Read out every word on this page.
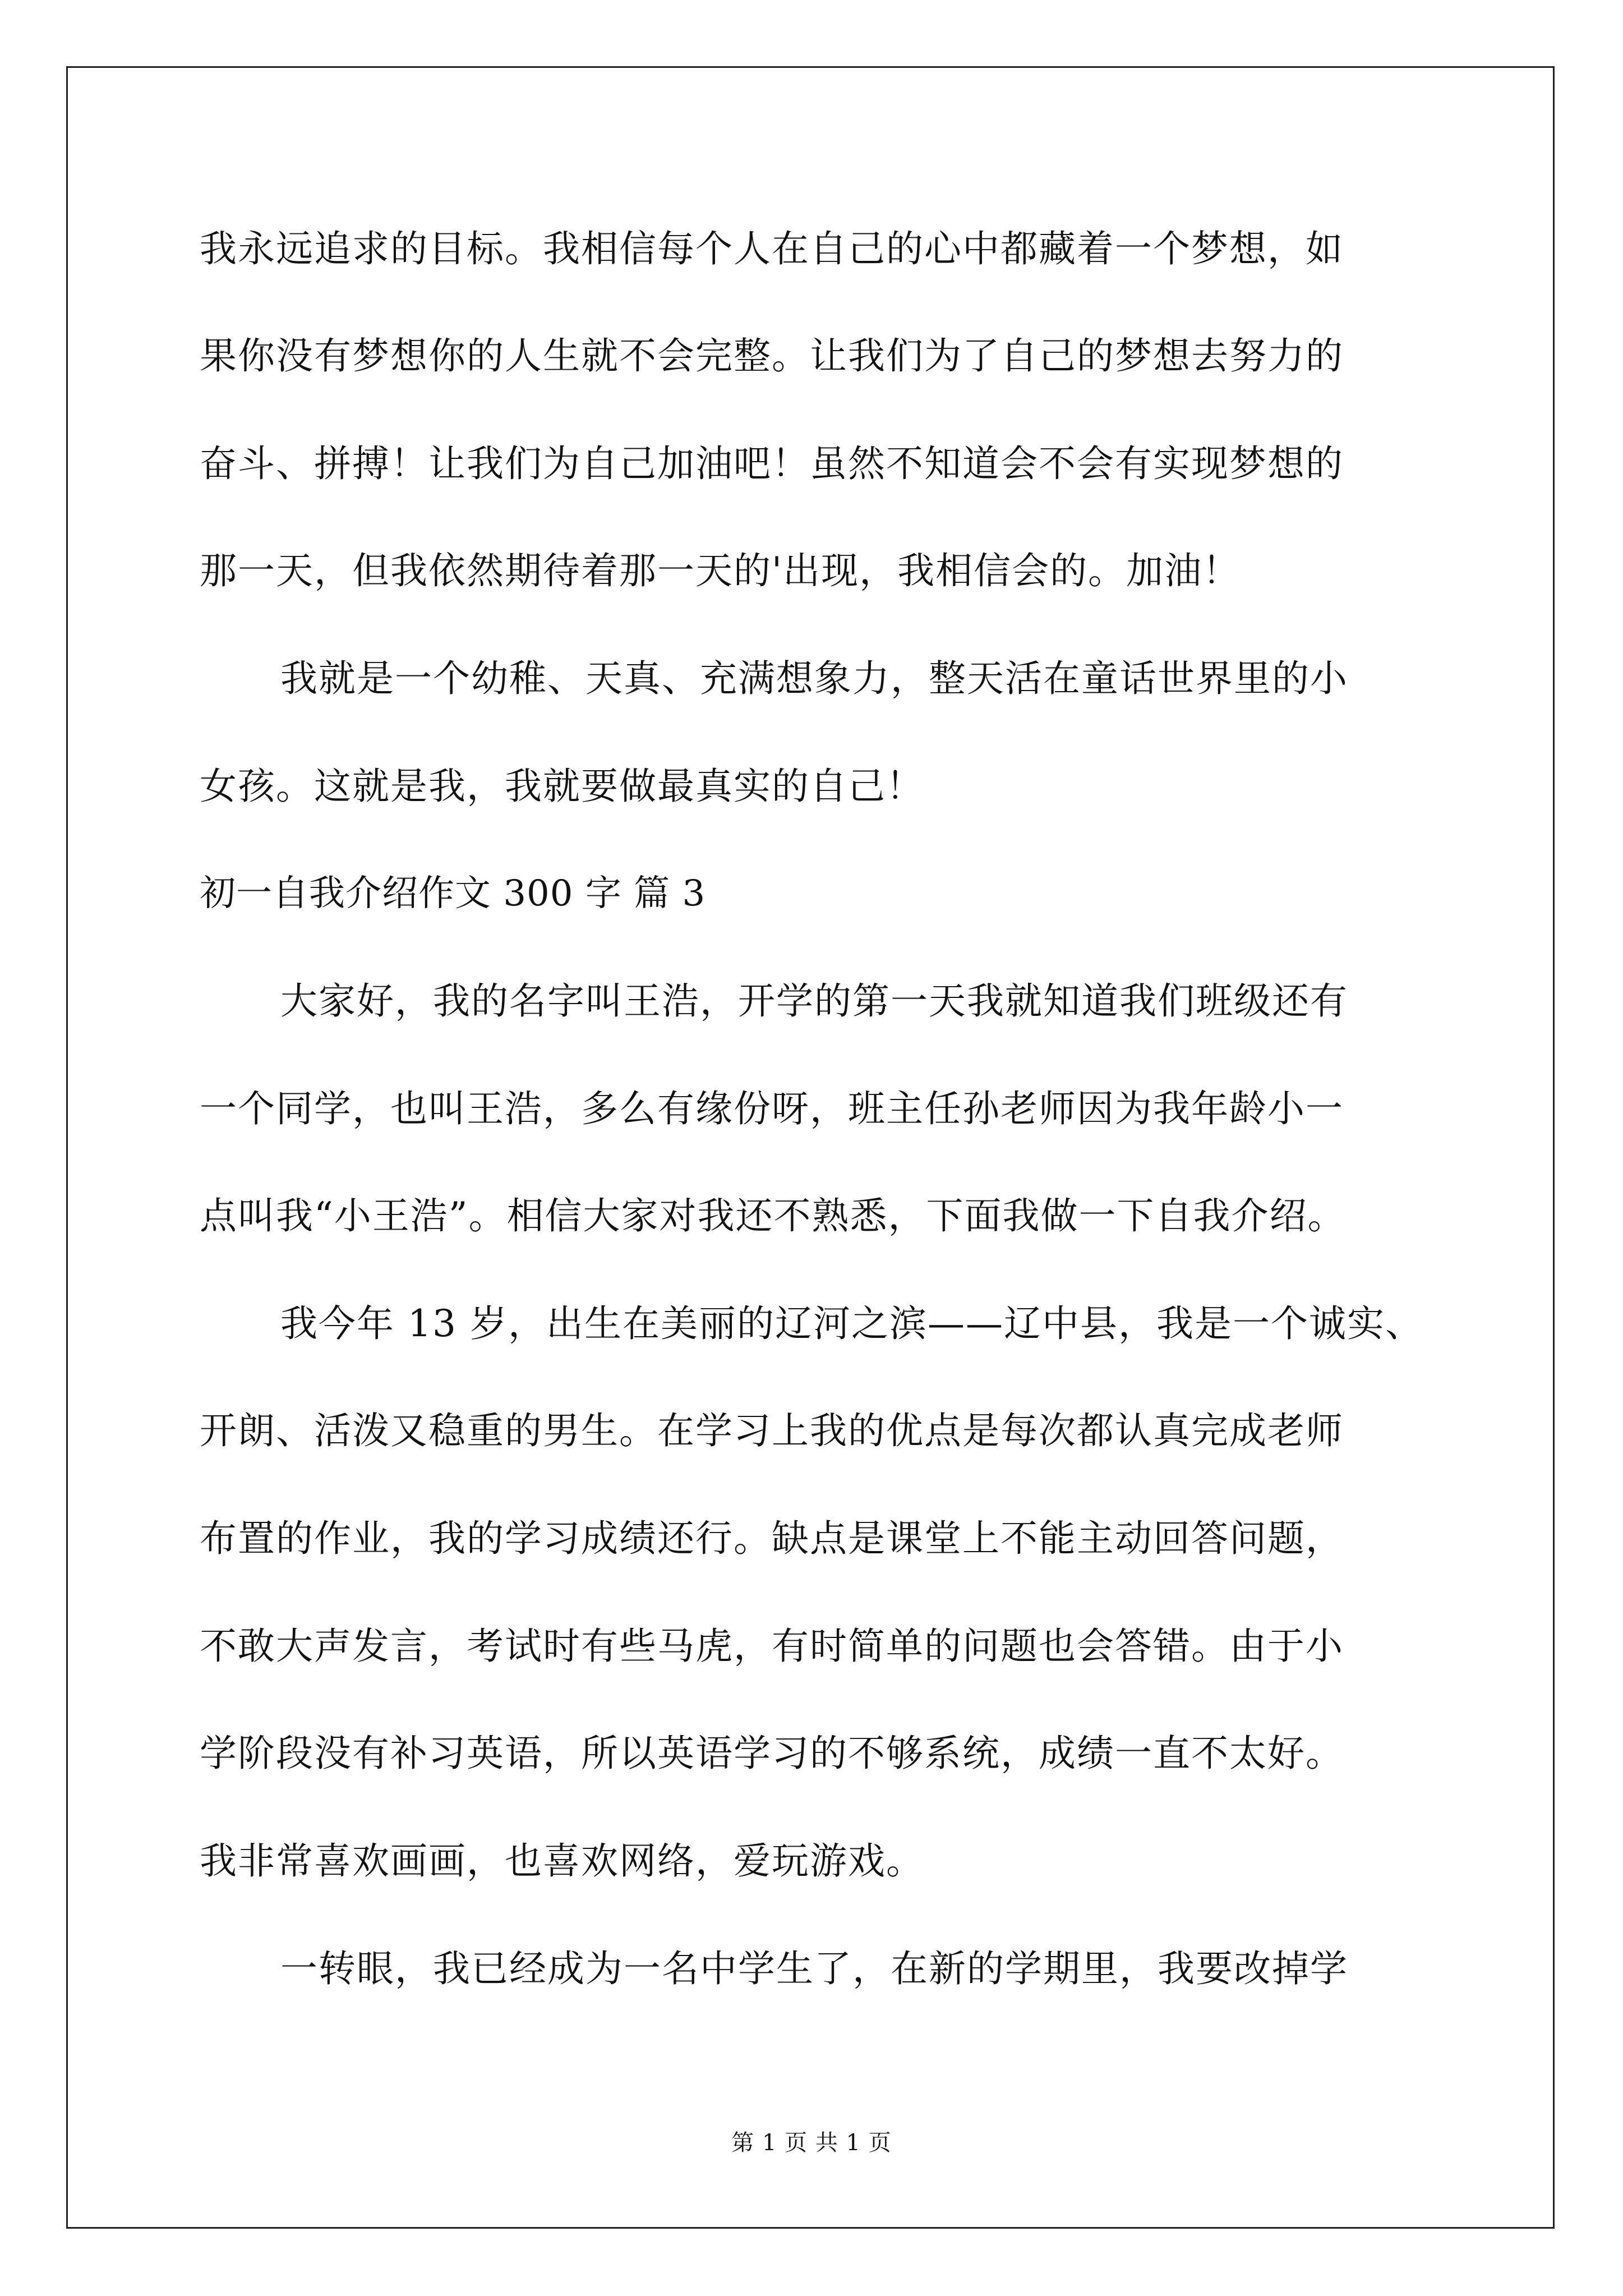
我永远追求的目标。我相信每个人在自己的心中都藏着一个梦想，如
果你没有梦想你的人生就不会完整。让我们为了自己的梦想去努力的
奋斗、拼搏！让我们为自己加油吧！虽然不知道会不会有实现梦想的
那一天，但我依然期待着那一天的'出现，我相信会的。加油！
我就是一个幼稚、天真、充满想象力，整天活在童话世界里的小
女孩。这就是我，我就要做最真实的自己！
初一自我介绍作文 300 字 篇 3
大家好，我的名字叫王浩，开学的第一天我就知道我们班级还有
一个同学，也叫王浩，多么有缘份呀，班主任孙老师因为我年龄小一
点叫我“小王浩”。相信大家对我还不熟悉，下面我做一下自我介绍。
我今年 13 岁，出生在美丽的辽河之滨——辽中县，我是一个诚实、
开朗、活泼又稳重的男生。在学习上我的优点是每次都认真完成老师
布置的作业，我的学习成绩还行。缺点是课堂上不能主动回答问题，
不敢大声发言，考试时有些马虎，有时简单的问题也会答错。由于小
学阶段没有补习英语，所以英语学习的不够系统，成绩一直不太好。
我非常喜欢画画，也喜欢网络，爱玩游戏。
一转眼，我已经成为一名中学生了，在新的学期里，我要改掉学
第 1 页 共 1 页
